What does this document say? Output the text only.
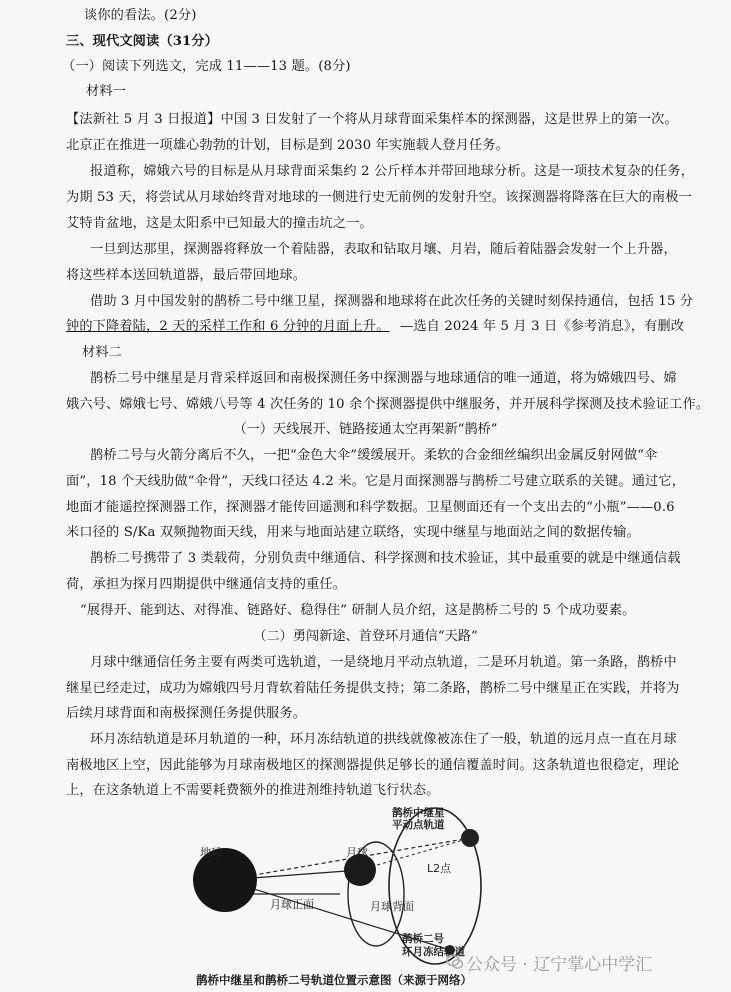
谈你的看法。(2分)
三、现代文阅读（31分）
（一）阅读下列选文，完成 11——13 题。(8分)
材料一
【法新社 5 月 3 日报道】中国 3 日发射了一个将从月球背面采集样本的探测器，这是世界上的第一次。
北京正在推进一项雄心勃勃的计划，目标是到 2030 年实施载人登月任务。
报道称，嫦娥六号的目标是从月球背面采集约 2 公斤样本并带回地球分析。这是一项技术复杂的任务，
为期 53 天，将尝试从月球始终背对地球的一侧进行史无前例的发射升空。该探测器将降落在巨大的南极一
艾特肯盆地，这是太阳系中已知最大的撞击坑之一。
一旦到达那里，探测器将释放一个着陆器，表取和钻取月壤、月岩，随后着陆器会发射一个上升器，
将这些样本送回轨道器，最后带回地球。
借助 3 月中国发射的鹊桥二号中继卫星，探测器和地球将在此次任务的关键时刻保持通信，包括 15 分
钟的下降着陆，2 天的采样工作和 6 分钟的月面上升。 —选自 2024 年 5 月 3 日《参考消息》，有删改
材料二
鹊桥二号中继星是月背采样返回和南极探测任务中探测器与地球通信的唯一通道，将为嫦娥四号、嫦
娥六号、嫦娥七号、嫦娥八号等 4 次任务的 10 余个探测器提供中继服务，并开展科学探测及技术验证工作。
（一）天线展开、链路接通太空再架新“鹊桥”
鹊桥二号与火箭分离后不久，一把“金色大伞”缓缓展开。柔软的合金细丝编织出金属反射网做“伞
面”，18 个天线肋做“伞骨”，天线口径达 4.2 米。它是月面探测器与鹊桥二号建立联系的关键。通过它，
地面才能遥控探测器工作，探测器才能传回遥测和科学数据。卫星侧面还有一个支出去的“小瓶”——0.6
米口径的 S/Ka 双频抛物面天线，用来与地面站建立联络，实现中继星与地面站之间的数据传输。
鹊桥二号携带了 3 类载荷，分别负责中继通信、科学探测和技术验证，其中最重要的就是中继通信载
荷，承担为探月四期提供中继通信支持的重任。
“展得开、能到达、对得准、链路好、稳得住” 研制人员介绍，这是鹊桥二号的 5 个成功要素。
（二）勇闯新途、首登环月通信“天路”
月球中继通信任务主要有两类可选轨道，一是绕地月平动点轨道，二是环月轨道。第一条路，鹊桥中
继星已经走过，成功为嫦娥四号月背软着陆任务提供支持；第二条路，鹊桥二号中继星正在实践，并将为
后续月球背面和南极探测任务提供服务。
环月冻结轨道是环月轨道的一种，环月冻结轨道的拱线就像被冻住了一般，轨道的远月点一直在月球
南极地区上空，因此能够为月球南极地区的探测器提供足够长的通信覆盖时间。这条轨道也很稳定，理论
上，在这条轨道上不需要耗费额外的推进剂维持轨道飞行状态。
地球	月球
L2点
鹊桥中继星
平动点轨道
鹊桥二号
环月冻结轨道
月球正面	月球背面
鹊桥中继星和鹊桥二号轨道位置示意图（来源于网络）
公众号 · 辽宁掌心中学汇
